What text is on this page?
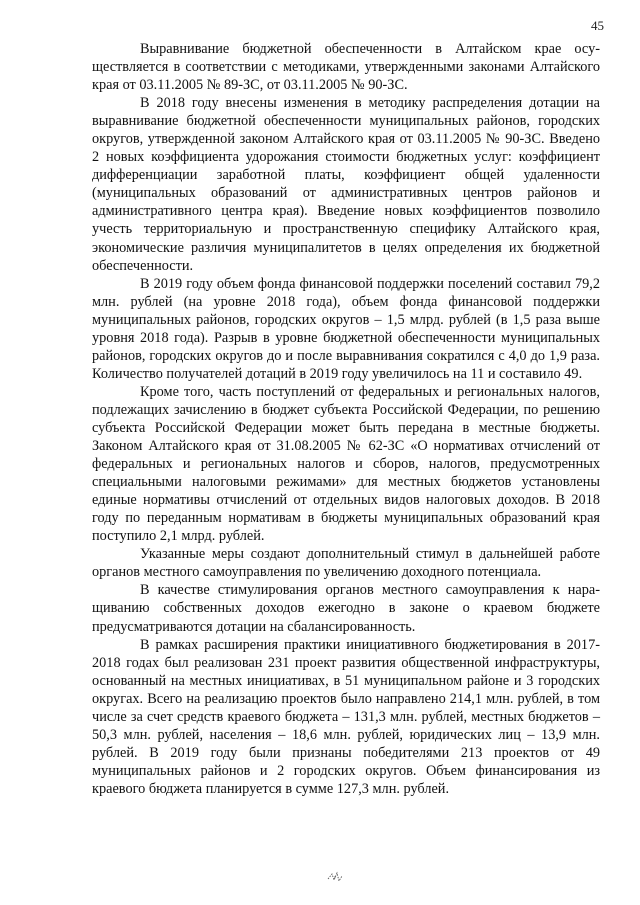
45

Выравнивание бюджетной обеспеченности в Алтайском крае осуществляется в соответствии с методиками, утвержденными законами Алтайского края от 03.11.2005 № 89-ЗС, от 03.11.2005 № 90-ЗС.

В 2018 году внесены изменения в методику распределения дотации на выравнивание бюджетной обеспеченности муниципальных районов, городских округов, утвержденной законом Алтайского края от 03.11.2005 № 90-ЗС. Введено 2 новых коэффициента удорожания стоимости бюджетных услуг: коэффициент дифференциации заработной платы, коэффициент общей удаленности (муниципальных образований от административных центров районов и административного центра края). Введение новых коэффициентов позволило учесть территориальную и пространственную специфику Алтайского края, экономические различия муниципалитетов в целях определения их бюджетной обеспеченности.

В 2019 году объем фонда финансовой поддержки поселений составил 79,2 млн. рублей (на уровне 2018 года), объем фонда финансовой поддержки муниципальных районов, городских округов – 1,5 млрд. рублей (в 1,5 раза выше уровня 2018 года). Разрыв в уровне бюджетной обеспеченности муниципальных районов, городских округов до и после выравнивания сократился с 4,0 до 1,9 раза. Количество получателей дотаций в 2019 году увеличилось на 11 и составило 49.

Кроме того, часть поступлений от федеральных и региональных налогов, подлежащих зачислению в бюджет субъекта Российской Федерации, по решению субъекта Российской Федерации может быть передана в местные бюджеты. Законом Алтайского края от 31.08.2005 № 62-ЗС «О нормативах отчислений от федеральных и региональных налогов и сборов, налогов, предусмотренных специальными налоговыми режимами» для местных бюджетов установлены единые нормативы отчислений от отдельных видов налоговых доходов. В 2018 году по переданным нормативам в бюджеты муниципальных образований края поступило 2,1 млрд. рублей.

Указанные меры создают дополнительный стимул в дальнейшей работе органов местного самоуправления по увеличению доходного потенциала.

В качестве стимулирования органов местного самоуправления к наращиванию собственных доходов ежегодно в законе о краевом бюджете предусматриваются дотации на сбалансированность.

В рамках расширения практики инициативного бюджетирования в 2017-2018 годах был реализован 231 проект развития общественной инфраструктуры, основанный на местных инициативах, в 51 муниципальном районе и 3 городских округах. Всего на реализацию проектов было направлено 214,1 млн. рублей, в том числе за счет средств краевого бюджета – 131,3 млн. рублей, местных бюджетов – 50,3 млн. рублей, населения – 18,6 млн. рублей, юридических лиц – 13,9 млн. рублей. В 2019 году были признаны победителями 213 проектов от 49 муниципальных районов и 2 городских округов. Объем финансирования из краевого бюджета планируется в сумме 127,3 млн. рублей.
